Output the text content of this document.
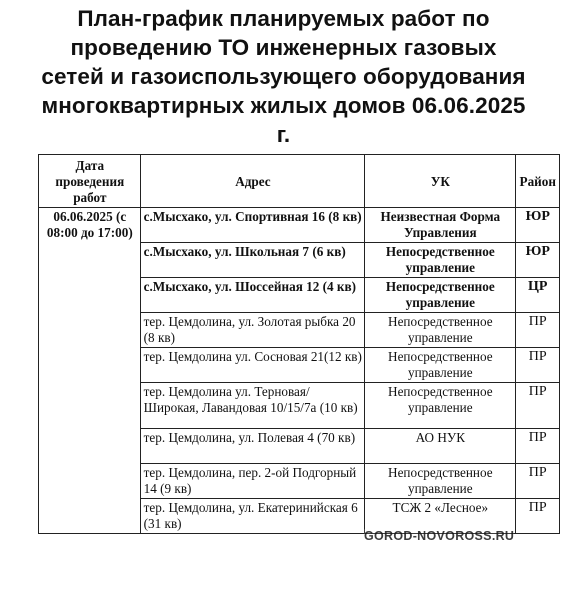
План-график планируемых работ по
проведению ТО инженерных газовых
сетей и газоиспользующего оборудования
многоквартирных жилых домов 06.06.2025
г.
Дата проведения работ	Адрес	УК	Район
06.06.2025 (с 08:00 до 17:00)	с.Мысхако, ул. Спортивная 16 (8 кв)	Неизвестная Форма Управления	ЮР
	с.Мысхако, ул. Школьная 7 (6 кв)	Непосредственное управление	ЮР
	с.Мысхако, ул. Шоссейная 12 (4 кв)	Непосредственное управление	ЦР
	тер. Цемдолина, ул. Золотая рыбка 20 (8 кв)	Непосредственное управление	ПР
	тер. Цемдолина ул. Сосновая 21(12 кв)	Непосредственное управление	ПР
	тер. Цемдолина ул. Терновая/ Широкая, Лавандовая 10/15/7а (10 кв)	Непосредственное управление	ПР
	тер. Цемдолина, ул. Полевая 4 (70 кв)	АО НУК	ПР
	тер. Цемдолина, пер. 2-ой Подгорный 14 (9 кв)	Непосредственное управление	ПР
	тер. Цемдолина, ул. Екатеринийская 6 (31 кв)	ТСЖ 2 «Лесное»	ПР
GOROD-NOVOROSS.RU
